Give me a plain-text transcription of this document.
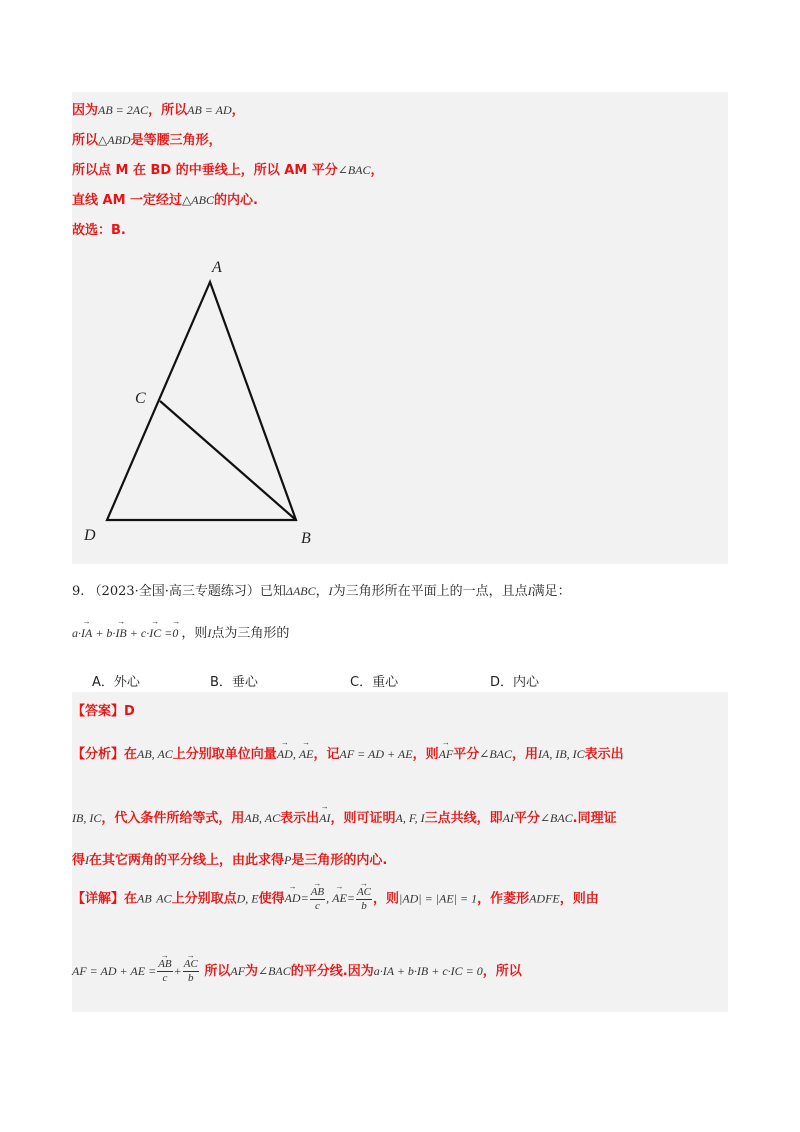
因为AB = 2AC，所以AB = AD，
所以△ABD是等腰三角形，
所以点 M 在 BD 的中垂线上，所以 AM 平分∠BAC，
直线 AM 一定经过△ABC的内心.
故选：B.
A
C
D	B
9. （2023·全国·高三专题练习）已知ΔABC，I为三角形所在平面上的一点，且点I满足：
a·→ IA + b·→ IB + c·→ IC =→ 0 ，则I点为三角形的
A．外心	B．垂心	C．重心	D．内心
【答案】D
【分析】在AB, AC上分别取单位向量→ AD, → AE，记AF = AD + AE，则→ AF平分∠BAC，用IA, IB, IC表示出
IB, IC，代入条件所给等式，用AB, AC表示出→ AI，则可证明A, F, I三点共线，即AI平分∠BAC.同理证
得I在其它两角的平分线上，由此求得P是三角形的内心.
【详解】在AB AC上分别取点D, E使得→ AD=
→ $\frac{AB}{c}$ , → AE=
→ $\frac{AC}{b}$ ，则|AD| = |AE| = 1，作菱形ADFE，则由
AF = AD + AE =
→ $\frac{AB}{c}$ +
→ $\frac{AC}{b}$ 所以AF为∠BAC的平分线.因为a·IA + b·IB + c·IC = 0，所以
